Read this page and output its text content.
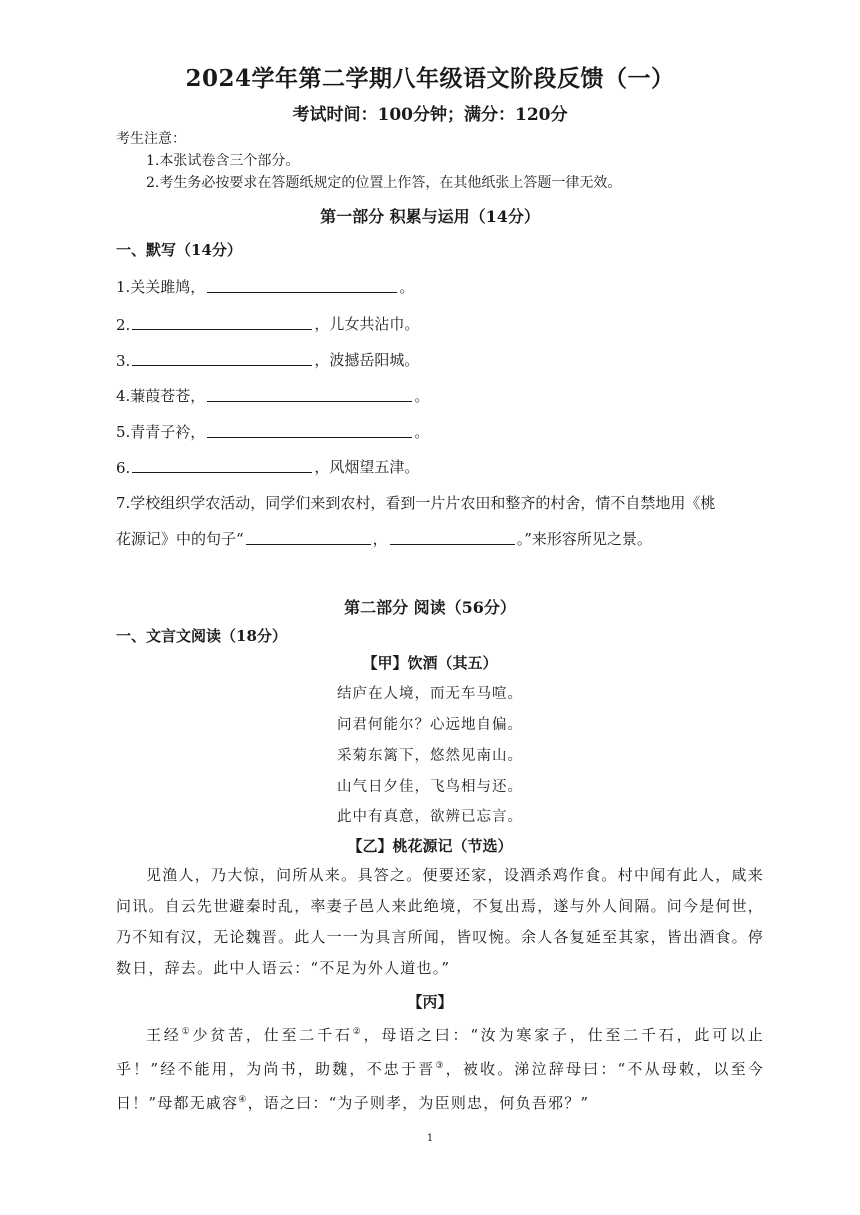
2024学年第二学期八年级语文阶段反馈（一）
考试时间：100分钟；满分：120分
考生注意：
1.本张试卷含三个部分。
2.考生务必按要求在答题纸规定的位置上作答，在其他纸张上答题一律无效。
第一部分 积累与运用（14分）
一、默写（14分）
1.关关雎鸠，	。
2.	，儿女共沾巾。
3.	，波撼岳阳城。
4.蒹葭苍苍，	。
5.青青子衿，	。
6.	，风烟望五津。
7.学校组织学农活动，同学们来到农村，看到一片片农田和整齐的村舍，情不自禁地用《桃
花源记》中的句子“	，	。”来形容所见之景。
第二部分 阅读（56分）
一、文言文阅读（18分）
【甲】饮酒（其五）
结庐在人境，而无车马喧。
问君何能尔？心远地自偏。
采菊东篱下，悠然见南山。
山气日夕佳，飞鸟相与还。
此中有真意，欲辨已忘言。
【乙】桃花源记（节选）
见渔人，乃大惊，问所从来。具答之。便要还家，设酒杀鸡作食。村中闻有此人，咸来问讯。自云先世避秦时乱，率妻子邑人来此绝境，不复出焉，遂与外人间隔。问今是何世，乃不知有汉，无论魏晋。此人一一为具言所闻，皆叹惋。余人各复延至其家，皆出酒食。停数日，辞去。此中人语云：“不足为外人道也。”
【丙】
王经①少贫苦，仕至二千石②，母语之曰：“汝为寒家子，仕至二千石，此可以止乎！”经不能用，为尚书，助魏，不忠于晋③，被收。涕泣辞母曰：“不从母敕，以至今日！”母都无戚容④，语之曰：“为子则孝，为臣则忠，何负吾邪？”
1
